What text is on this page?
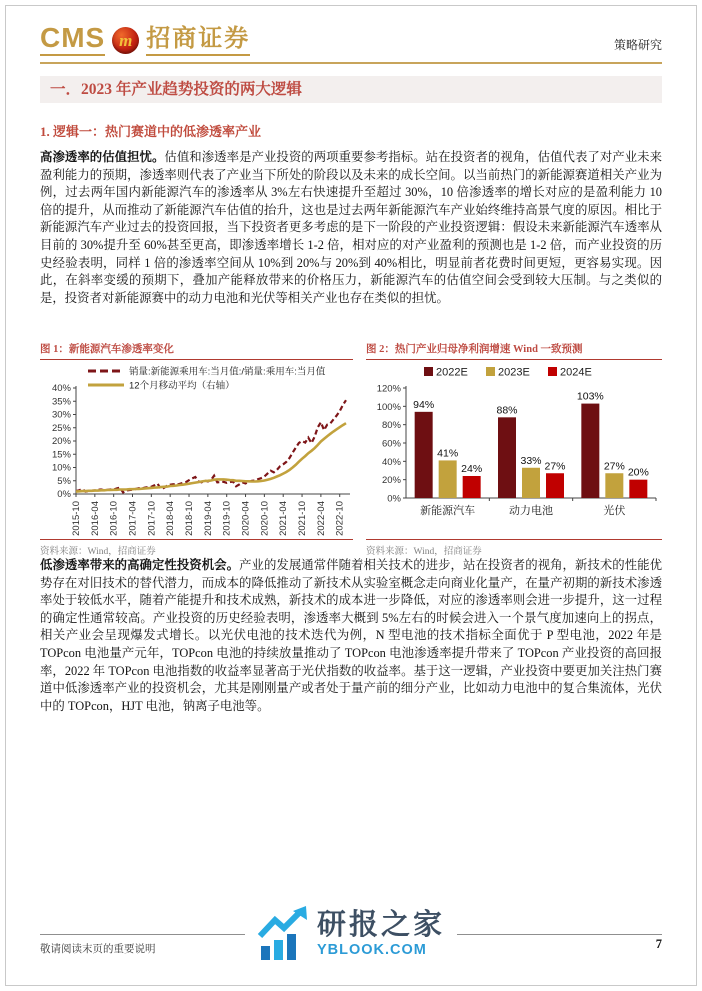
CMS m 招商证券	策略研究
一．2023 年产业趋势投资的两大逻辑
1. 逻辑一：热门赛道中的低渗透率产业

高渗透率的估值担忧。估值和渗透率是产业投资的两项重要参考指标。站在投资者的视角，估值代表了对产业未来盈利能力的预期，渗透率则代表了产业当下所处的阶段以及未来的成长空间。以当前热门的新能源赛道相关产业为例，过去两年国内新能源汽车的渗透率从 3%左右快速提升至超过 30%，10 倍渗透率的增长对应的是盈利能力 10 倍的提升，从而推动了新能源汽车估值的抬升，这也是过去两年新能源汽车产业始终维持高景气度的原因。相比于新能源汽车产业过去的投资回报，当下投资者更多考虑的是下一阶段的产业投资逻辑：假设未来新能源汽车透率从目前的 30%提升至 60%甚至更高，即渗透率增长 1-2 倍，相对应的对产业盈利的预测也是 1-2 倍，而产业投资的历史经验表明，同样 1 倍的渗透率空间从 10%到 20%与 20%到 40%相比，明显前者花费时间更短，更容易实现。因此，在斜率变缓的预期下，叠加产能释放带来的价格压力，新能源汽车的估值空间会受到较大压制。与之类似的是，投资者对新能源赛中的动力电池和光伏等相关产业也存在类似的担忧。

图 1：新能源汽车渗透率变化
销量:新能源乘用车:当月值:/销量:乘用车:当月值
12个月移动平均（右轴）
0%
5%
10%
15%
20%
25%
30%
35%
40%
2015-10 2016-04 2016-10 2017-04 2017-10 2018-04 2018-10 2019-04 2019-10 2020-04 2020-10 2021-04 2021-10 2022-04 2022-10
资料来源：Wind，招商证券
图 2：热门产业归母净利润增速 Wind 一致预测
2022E	2023E	2024E
0%
20%
40%
60%
80%
100%
120%
94%
41%
24%
新能源汽车
88%
33% 27%
动力电池
103%
27%
20%
光伏
资料来源：Wind，招商证券

低渗透率带来的高确定性投资机会。产业的发展通常伴随着相关技术的进步，站在投资者的视角，新技术的性能优势存在对旧技术的替代潜力，而成本的降低推动了新技术从实验室概念走向商业化量产，在量产初期的新技术渗透率处于较低水平，随着产能提升和技术成熟，新技术的成本进一步降低，对应的渗透率则会进一步提升，这一过程的确定性通常较高。产业投资的历史经验表明，渗透率大概到 5%左右的时候会进入一个景气度加速向上的拐点，相关产业会呈现爆发式增长。以光伏电池的技术迭代为例，N 型电池的技术指标全面优于 P 型电池，2022 年是 TOPcon 电池量产元年，TOPcon 电池的持续放量推动了 TOPcon 电池渗透率提升带来了 TOPcon 产业投资的高回报率，2022 年 TOPcon 电池指数的收益率显著高于光伏指数的收益率。基于这一逻辑，产业投资中要更加关注热门赛道中低渗透率产业的投资机会，尤其是刚刚量产或者处于量产前的细分产业，比如动力电池中的复合集流体，光伏中的 TOPcon，HJT 电池，钠离子电池等。

敬请阅读末页的重要说明	7
研报之家
YBLOOK.COM
